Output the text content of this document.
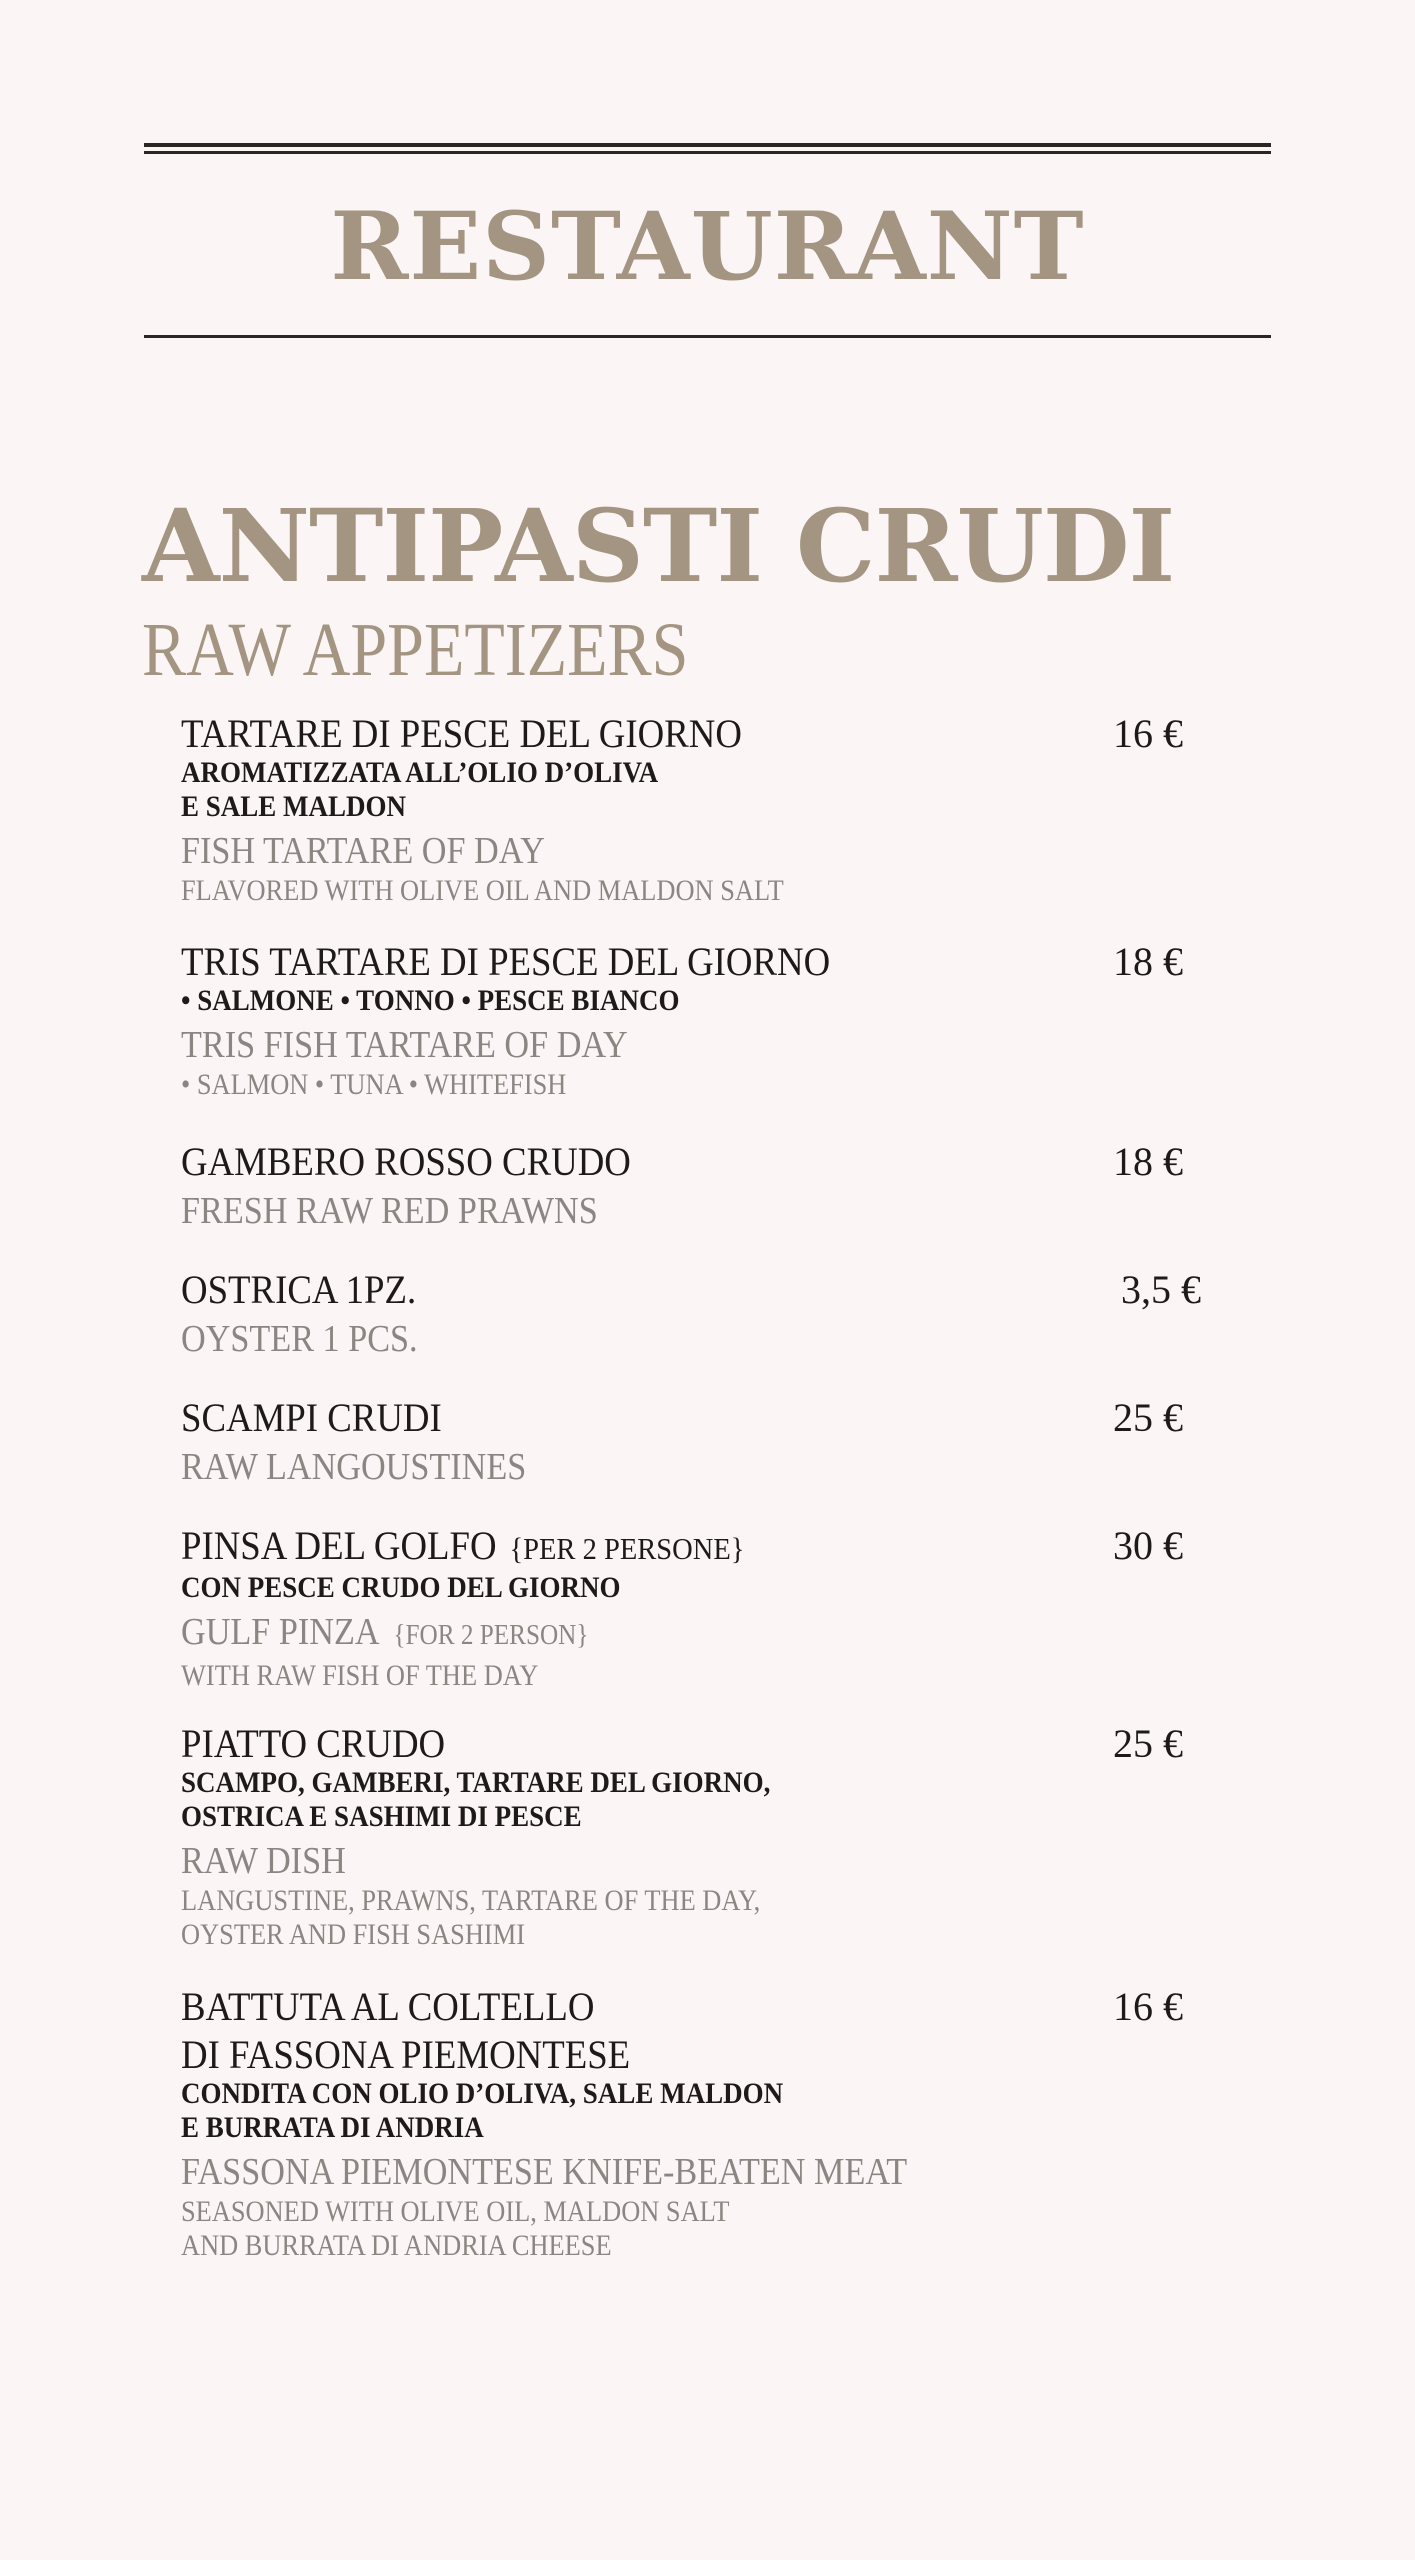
RESTAURANT
ANTIPASTI CRUDI
RAW APPETIZERS
TARTARE DI PESCE DEL GIORNO
AROMATIZZATA ALL’OLIO D’OLIVA
E SALE MALDON
FISH TARTARE OF DAY
FLAVORED WITH OLIVE OIL AND MALDON SALT
16 €
TRIS TARTARE DI PESCE DEL GIORNO
• SALMONE • TONNO • PESCE BIANCO
TRIS FISH TARTARE OF DAY
• SALMON • TUNA • WHITEFISH
18 €
GAMBERO ROSSO CRUDO
FRESH RAW RED PRAWNS
18 €
OSTRICA 1PZ.
OYSTER 1 PCS.
3,5 €
SCAMPI CRUDI
RAW LANGOUSTINES
25 €
PINSA DEL GOLFO {PER 2 PERSONE}
CON PESCE CRUDO DEL GIORNO
GULF PINZA {FOR 2 PERSON}
WITH RAW FISH OF THE DAY
30 €
PIATTO CRUDO
SCAMPO, GAMBERI, TARTARE DEL GIORNO,
OSTRICA E SASHIMI DI PESCE
RAW DISH
LANGUSTINE, PRAWNS, TARTARE OF THE DAY,
OYSTER AND FISH SASHIMI
25 €
BATTUTA AL COLTELLO
DI FASSONA PIEMONTESE
CONDITA CON OLIO D’OLIVA, SALE MALDON
E BURRATA DI ANDRIA
FASSONA PIEMONTESE KNIFE-BEATEN MEAT
SEASONED WITH OLIVE OIL, MALDON SALT
AND BURRATA DI ANDRIA CHEESE
16 €
